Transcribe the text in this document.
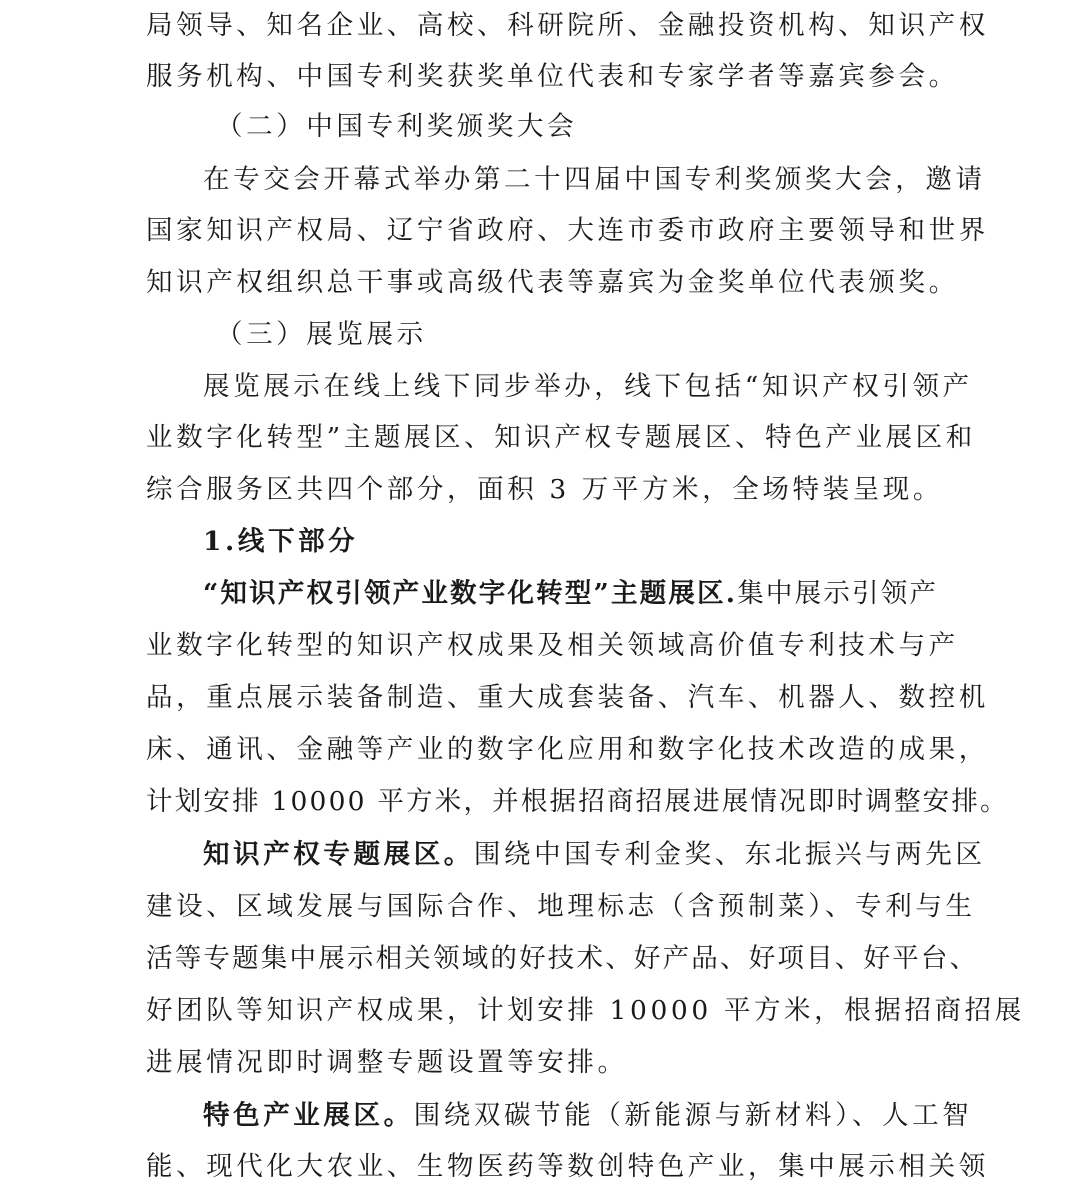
局领导、知名企业、高校、科研院所、金融投资机构、知识产权
服务机构、中国专利奖获奖单位代表和专家学者等嘉宾参会。
（二）中国专利奖颁奖大会
在专交会开幕式举办第二十四届中国专利奖颁奖大会，邀请
国家知识产权局、辽宁省政府、大连市委市政府主要领导和世界
知识产权组织总干事或高级代表等嘉宾为金奖单位代表颁奖。
（三）展览展示
展览展示在线上线下同步举办，线下包括“知识产权引领产
业数字化转型”主题展区、知识产权专题展区、特色产业展区和
综合服务区共四个部分，面积 3 万平方米，全场特装呈现。
1.线下部分
“知识产权引领产业数字化转型”主题展区.集中展示引领产
业数字化转型的知识产权成果及相关领域高价值专利技术与产
品，重点展示装备制造、重大成套装备、汽车、机器人、数控机
床、通讯、金融等产业的数字化应用和数字化技术改造的成果，
计划安排 10000 平方米，并根据招商招展进展情况即时调整安排。
知识产权专题展区。围绕中国专利金奖、东北振兴与两先区
建设、区域发展与国际合作、地理标志（含预制菜）、专利与生
活等专题集中展示相关领域的好技术、好产品、好项目、好平台、
好团队等知识产权成果，计划安排 10000 平方米，根据招商招展
进展情况即时调整专题设置等安排。
特色产业展区。围绕双碳节能（新能源与新材料）、人工智
能、现代化大农业、生物医药等数创特色产业，集中展示相关领
